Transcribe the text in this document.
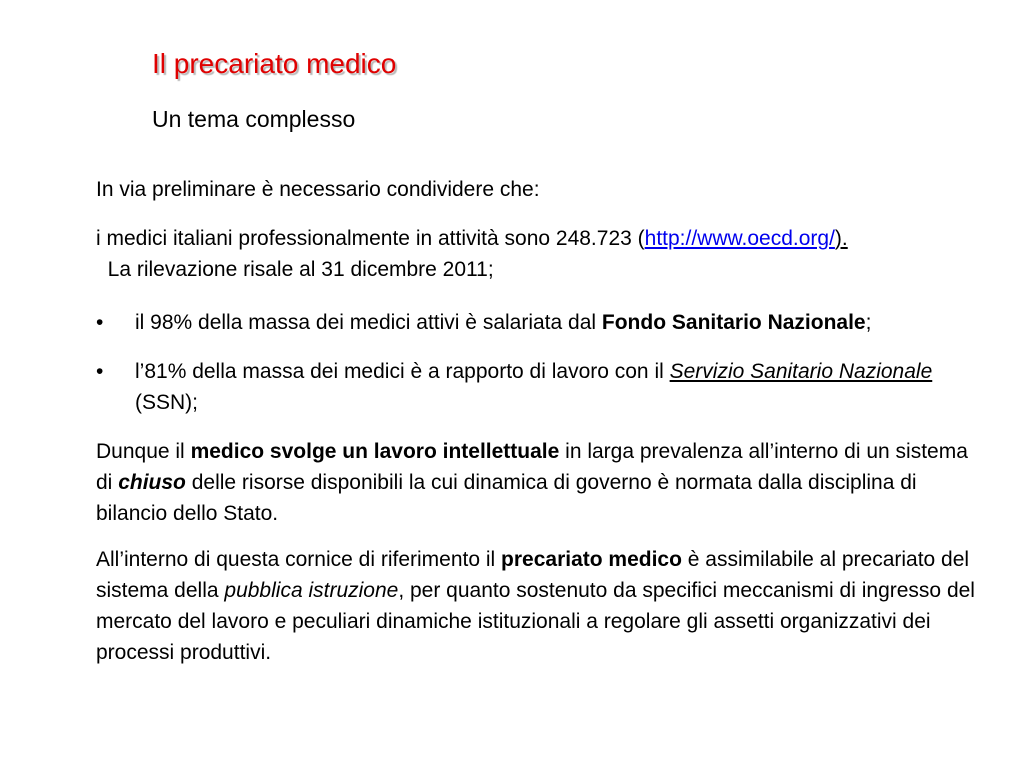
Il precariato medico
Un tema complesso

In via preliminare è necessario condividere che:

i medici italiani professionalmente in attività sono 248.723 (http://www.oecd.org/).  La rilevazione risale al 31 dicembre 2011;

• il 98% della massa dei medici attivi è salariata dal Fondo Sanitario Nazionale;
• l’81% della massa dei medici è a rapporto di lavoro con il Servizio Sanitario Nazionale (SSN);

Dunque il medico svolge un lavoro intellettuale in larga prevalenza all’interno di un sistema di chiuso delle risorse disponibili la cui dinamica di governo è normata dalla disciplina di bilancio dello Stato.

All’interno di questa cornice di riferimento il precariato medico è assimilabile al precariato del sistema della pubblica istruzione, per quanto sostenuto da specifici meccanismi di ingresso del mercato del lavoro e peculiari dinamiche istituzionali a regolare gli assetti organizzativi dei processi produttivi.
